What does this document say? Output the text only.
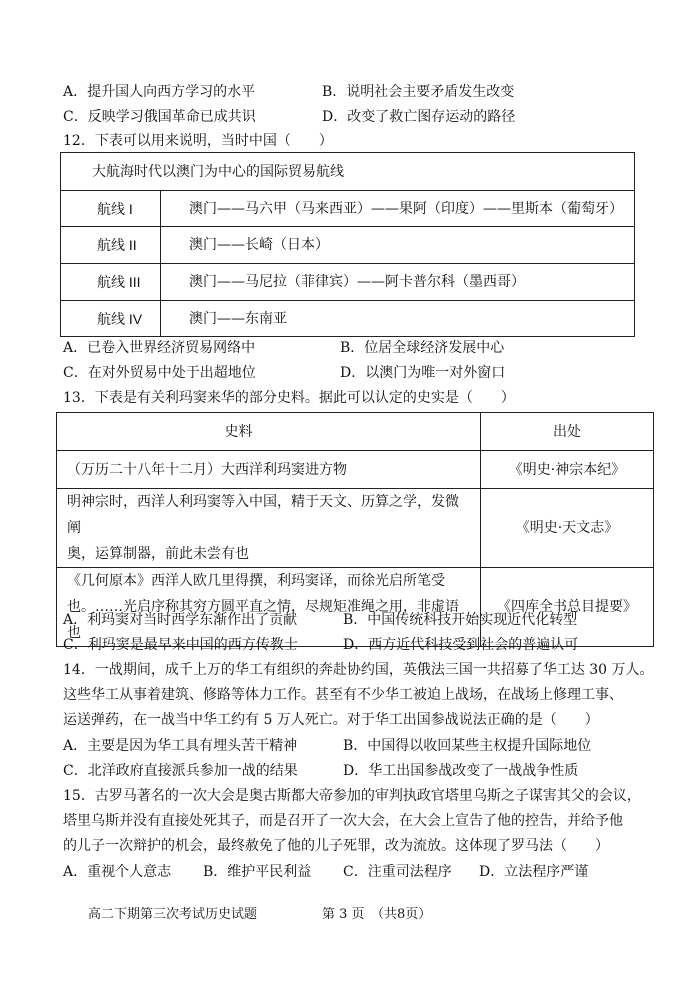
A．提升国人向西方学习的水平	B．说明社会主要矛盾发生改变
C．反映学习俄国革命已成共识	D．改变了救亡图存运动的路径
12．下表可以用来说明，当时中国（　　）
大航海时代以澳门为中心的国际贸易航线	
航线 I	澳门——马六甲（马来西亚）——果阿（印度）——里斯本（葡萄牙）
航线 II	澳门——长崎（日本）
航线 III	澳门——马尼拉（菲律宾）——阿卡普尔科（墨西哥）
航线 IV	澳门——东南亚
A．已卷入世界经济贸易网络中	B．位居全球经济发展中心
C．在对外贸易中处于出超地位	D．以澳门为唯一对外窗口
13．下表是有关利玛窦来华的部分史料。据此可以认定的史实是（　　）
史料	出处

（万历二十八年十二月）大西洋利玛窦进方物	《明史·神宗本纪》

明神宗时，西洋人利玛窦等入中国，精于天文、历算之学，发微阐
奥，运算制器，前此未尝有也	《明史·天文志》

《几何原本》西洋人欧几里得撰，利玛窦译，而徐光启所笔受
也。……光启序称其穷方圆平直之情，尽规矩准绳之用，非虚语也	《四库全书总目提要》
A．利玛窦对当时西学东渐作出了贡献	B．中国传统科技开始实现近代化转型
C．利玛窦是最早来中国的西方传教士	D．西方近代科技受到社会的普遍认可
14．一战期间，成千上万的华工有组织的奔赴协约国，英俄法三国一共招募了华工达 30 万人。
这些华工从事着建筑、修路等体力工作。甚至有不少华工被迫上战场，在战场上修理工事、
运送弹药，在一战当中华工约有 5 万人死亡。对于华工出国参战说法正确的是（　　）
A．主要是因为华工具有埋头苦干精神	B．中国得以收回某些主权提升国际地位
C．北洋政府直接派兵参加一战的结果	D．华工出国参战改变了一战战争性质
15．古罗马著名的一次大会是奥古斯都大帝参加的审判执政官塔里乌斯之子谋害其父的会议，
塔里乌斯并没有直接处死其子，而是召开了一次大会，在大会上宣告了他的控告，并给予他
的儿子一次辩护的机会，最终赦免了他的儿子死罪，改为流放。这体现了罗马法（　　）
A．重视个人意志 B．维护平民利益 C．注重司法程序 D．立法程序严谨
高二下期第三次考试历史试题	第 3 页　（共8页）
